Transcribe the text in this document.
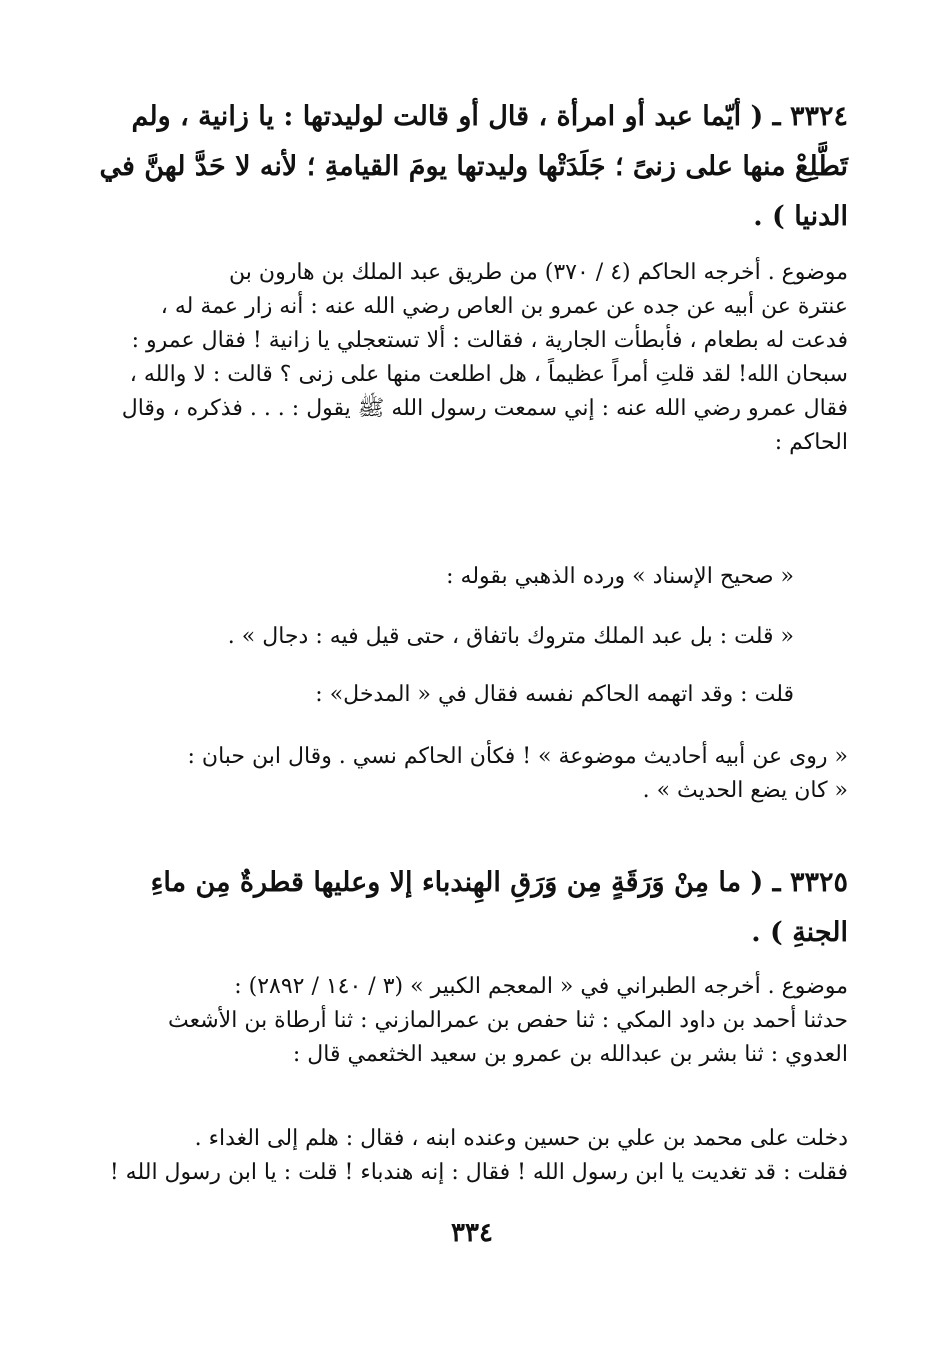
٣٣٢٤ ـ ( أيّما عبد أو امرأة ، قال أو قالت لوليدتها : يا زانية ، ولم
تَطَّلِعْ منها على زنىً ؛ جَلَدَتْها وليدتها يومَ القيامةِ ؛ لأنه لا حَدَّ لهنَّ في
الدنيا ) .
موضوع . أخرجه الحاكم (٤ / ٣٧٠) من طريق عبد الملك بن هارون بن
عنترة عن أبيه عن جده عن عمرو بن العاص رضي الله عنه : أنه زار عمة له ،
فدعت له بطعام ، فأبطأت الجارية ، فقالت : ألا تستعجلي يا زانية ! فقال عمرو :
سبحان الله! لقد قلتِ أمراً عظيماً ، هل اطلعت منها على زنى ؟ قالت : لا والله ،
فقال عمرو رضي الله عنه : إني سمعت رسول الله ﷺ يقول : . . . فذكره ، وقال
الحاكم :
« صحيح الإسناد » ورده الذهبي بقوله :
« قلت : بل عبد الملك متروك باتفاق ، حتى قيل فيه : دجال » .
قلت : وقد اتهمه الحاكم نفسه فقال في « المدخل» :
« روى عن أبيه أحاديث موضوعة » ! فكأن الحاكم نسي . وقال ابن حبان :
« كان يضع الحديث » .
٣٣٢٥ ـ ( ما مِنْ وَرَقَةٍ مِن وَرَقِ الهِندباء إلا وعليها قطرةٌ مِن ماءِ
الجنةِ ) .
موضوع . أخرجه الطبراني في « المعجم الكبير » (٣ / ١٤٠ / ٢٨٩٢) :
حدثنا أحمد بن داود المكي : ثنا حفص بن عمرالمازني : ثنا أرطاة بن الأشعث
العدوي : ثنا بشر بن عبدالله بن عمرو بن سعيد الخثعمي قال :
دخلت على محمد بن علي بن حسين وعنده ابنه ، فقال : هلم إلى الغداء .
فقلت : قد تغديت يا ابن رسول الله ! فقال : إنه هندباء ! قلت : يا ابن رسول الله !
٣٣٤
